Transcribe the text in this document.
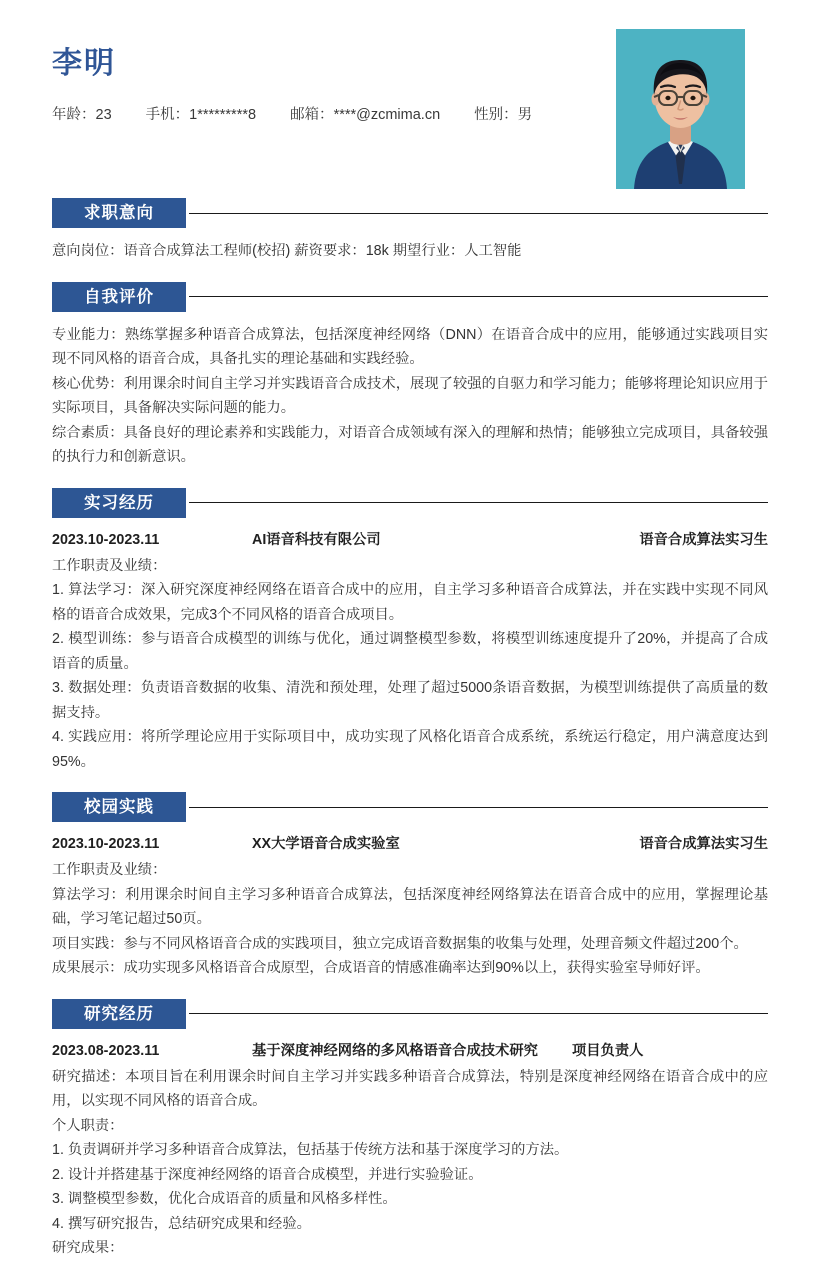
李明
年龄：23 手机：1*********8 邮箱：****@zcmima.cn 性别：男
求职意向

意向岗位：语音合成算法工程师(校招) 薪资要求：18k 期望行业：人工智能

自我评价

专业能力：熟练掌握多种语音合成算法，包括深度神经网络（DNN）在语音合成中的应用，能够通过实践项目实现不同风格的语音合成，具备扎实的理论基础和实践经验。

核心优势：利用课余时间自主学习并实践语音合成技术，展现了较强的自驱力和学习能力；能够将理论知识应用于实际项目，具备解决实际问题的能力。

综合素质：具备良好的理论素养和实践能力，对语音合成领域有深入的理解和热情；能够独立完成项目，具备较强的执行力和创新意识。

实习经历
2023.10-2023.11	AI语音科技有限公司	语音合成算法实习生

工作职责及业绩：

1. 算法学习：深入研究深度神经网络在语音合成中的应用，自主学习多种语音合成算法，并在实践中实现不同风格的语音合成效果，完成3个不同风格的语音合成项目。

2. 模型训练：参与语音合成模型的训练与优化，通过调整模型参数，将模型训练速度提升了20%，并提高了合成语音的质量。

3. 数据处理：负责语音数据的收集、清洗和预处理，处理了超过5000条语音数据，为模型训练提供了高质量的数据支持。

4. 实践应用：将所学理论应用于实际项目中，成功实现了风格化语音合成系统，系统运行稳定，用户满意度达到95%。

校园实践
2023.10-2023.11	XX大学语音合成实验室	语音合成算法实习生

工作职责及业绩：

算法学习：利用课余时间自主学习多种语音合成算法，包括深度神经网络算法在语音合成中的应用，掌握理论基础，学习笔记超过50页。

项目实践：参与不同风格语音合成的实践项目，独立完成语音数据集的收集与处理，处理音频文件超过200个。

成果展示：成功实现多风格语音合成原型，合成语音的情感准确率达到90%以上，获得实验室导师好评。

研究经历
2023.08-2023.11	基于深度神经网络的多风格语音合成技术研究 项目负责人

研究描述：本项目旨在利用课余时间自主学习并实践多种语音合成算法，特别是深度神经网络在语音合成中的应用，以实现不同风格的语音合成。

个人职责：

1. 负责调研并学习多种语音合成算法，包括基于传统方法和基于深度学习的方法。

2. 设计并搭建基于深度神经网络的语音合成模型，并进行实验验证。

3. 调整模型参数，优化合成语音的质量和风格多样性。

4. 撰写研究报告，总结研究成果和经验。

研究成果：
